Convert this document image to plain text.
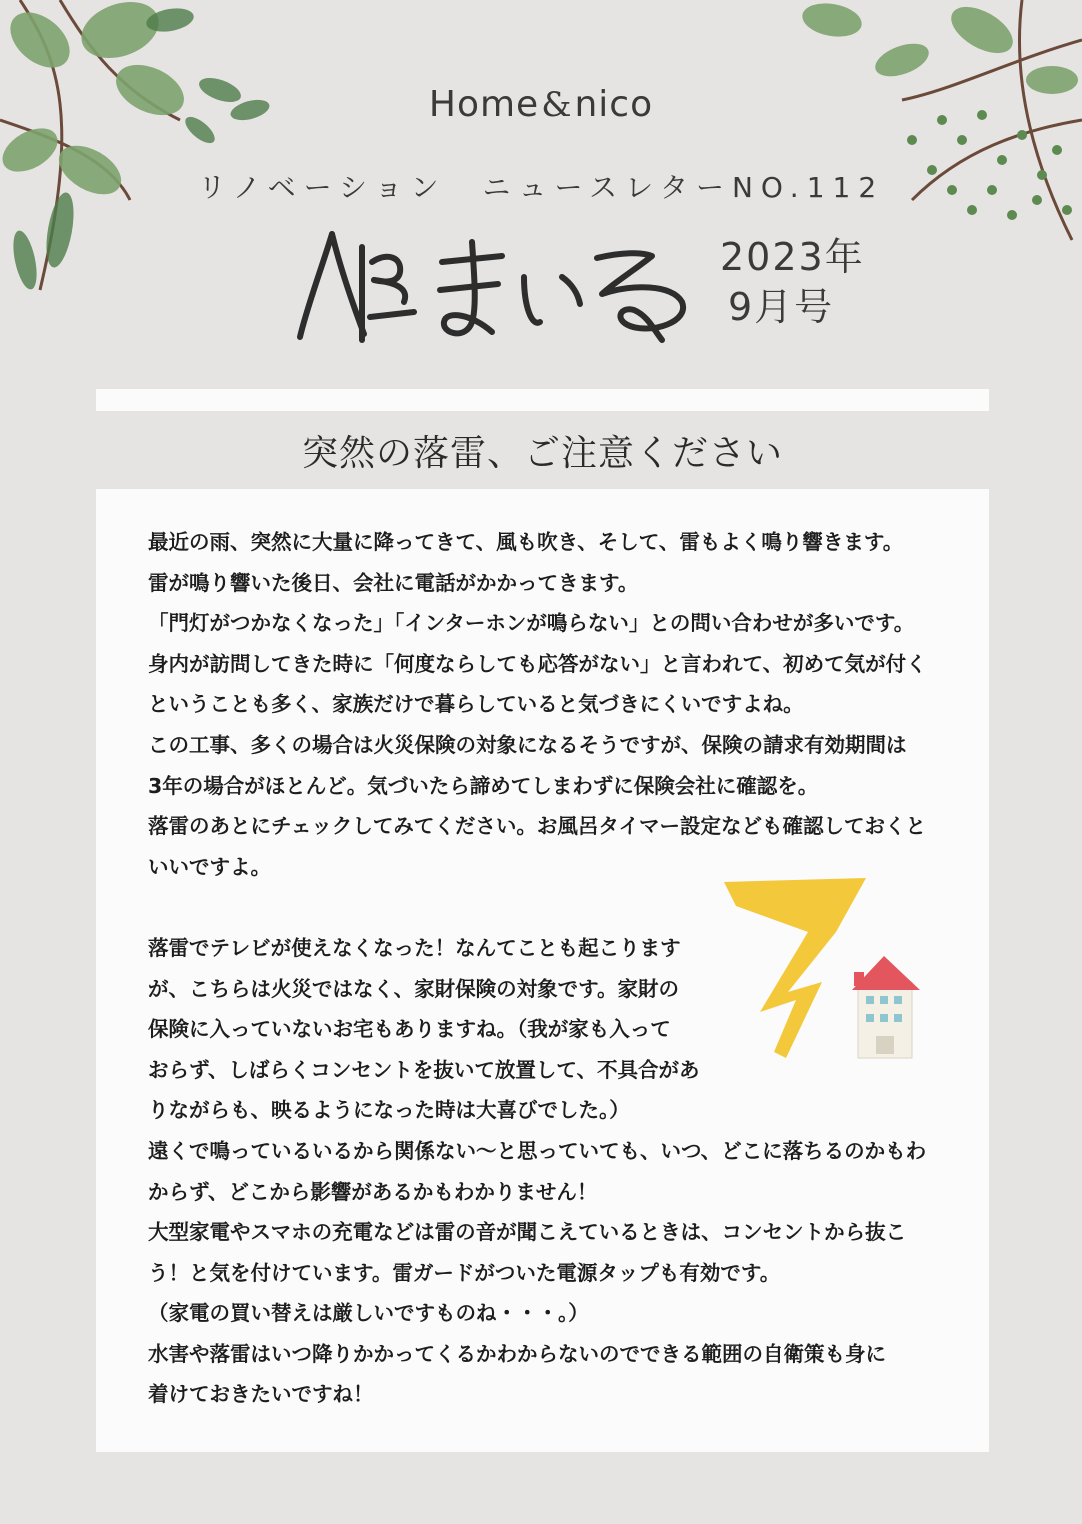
Home&nico
リノベーション　ニュースレターNO.112
2023年
9月号
突然の落雷、ご注意ください

最近の雨、突然に大量に降ってきて、風も吹き、そして、雷もよく鳴り響きます。

雷が鳴り響いた後日、会社に電話がかかってきます。

「門灯がつかなくなった」「インターホンが鳴らない」との問い合わせが多いです。

身内が訪問してきた時に「何度ならしても応答がない」と言われて、初めて気が付く

ということも多く、家族だけで暮らしていると気づきにくいですよね。

この工事、多くの場合は火災保険の対象になるそうですが、保険の請求有効期間は

3年の場合がほとんど。気づいたら諦めてしまわずに保険会社に確認を。

落雷のあとにチェックしてみてください。お風呂タイマー設定なども確認しておくと

いいですよ。

落雷でテレビが使えなくなった！なんてことも起こります

が、こちらは火災ではなく、家財保険の対象です。家財の

保険に入っていないお宅もありますね。（我が家も入って

おらず、しばらくコンセントを抜いて放置して、不具合があ

りながらも、映るようになった時は大喜びでした。）

遠くで鳴っているいるから関係ない～と思っていても、いつ、どこに落ちるのかもわ

からず、どこから影響があるかもわかりません！

大型家電やスマホの充電などは雷の音が聞こえているときは、コンセントから抜こ

う！と気を付けています。雷ガードがついた電源タップも有効です。

（家電の買い替えは厳しいですものね・・・。）

水害や落雷はいつ降りかかってくるかわからないのでできる範囲の自衛策も身に

着けておきたいですね！
